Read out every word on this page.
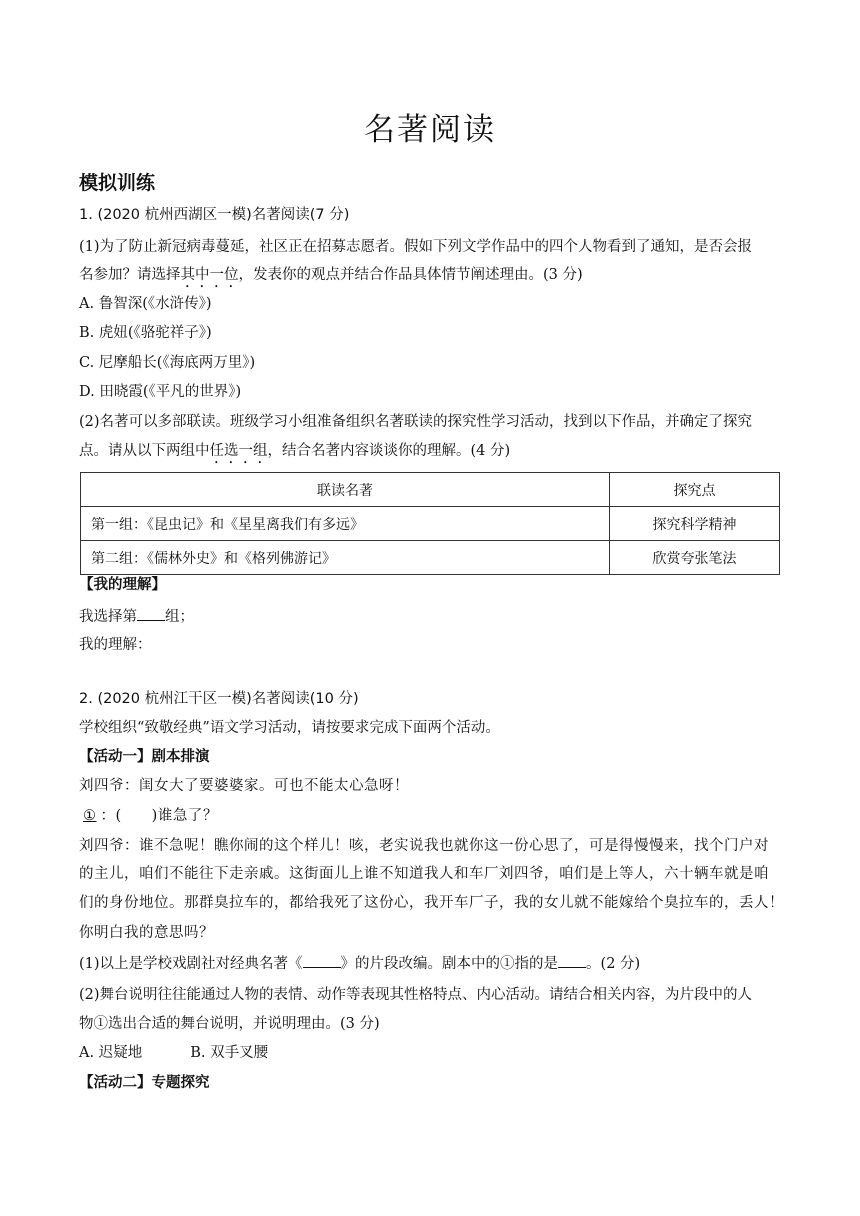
名著阅读
模拟训练
1. (2020 杭州西湖区一模)名著阅读(7 分)
(1)为了防止新冠病毒蔓延，社区正在招募志愿者。假如下列文学作品中的四个人物看到了通知，是否会报
名参加？请选择其中一位，发表你的观点并结合作品具体情节阐述理由。(3 分)
A. 鲁智深(《水浒传》)
B. 虎妞(《骆驼祥子》)
C. 尼摩船长(《海底两万里》)
D. 田晓霞(《平凡的世界》)
(2)名著可以多部联读。班级学习小组准备组织名著联读的探究性学习活动，找到以下作品，并确定了探究
点。请从以下两组中任选一组，结合名著内容谈谈你的理解。(4 分)
联读名著	探究点
第一组：《昆虫记》和《星星离我们有多远》	探究科学精神
第二组：《儒林外史》和《格列佛游记》	欣赏夸张笔法
【我的理解】
我选择第 组；
我的理解：
2. (2020 杭州江干区一模)名著阅读(10 分)
学校组织“致敬经典”语文学习活动，请按要求完成下面两个活动。
【活动一】剧本排演
刘四爷：闺女大了要婆婆家。可也不能太心急呀！
① ：(　　)谁急了？
刘四爷：谁不急呢！瞧你闹的这个样儿！咳，老实说我也就你这一份心思了，可是得慢慢来，找个门户对
的主儿，咱们不能往下走亲戚。这街面儿上谁不知道我人和车厂刘四爷，咱们是上等人，六十辆车就是咱
们的身份地位。那群臭拉车的，都给我死了这份心，我开车厂子，我的女儿就不能嫁给个臭拉车的，丢人！
你明白我的意思吗？
(1)以上是学校戏剧社对经典名著《	》的片段改编。剧本中的①指的是 。(2 分)
(2)舞台说明往往能通过人物的表情、动作等表现其性格特点、内心活动。请结合相关内容，为片段中的人
物①选出合适的舞台说明，并说明理由。(3 分)
A. 迟疑地	B. 双手叉腰
【活动二】专题探究
